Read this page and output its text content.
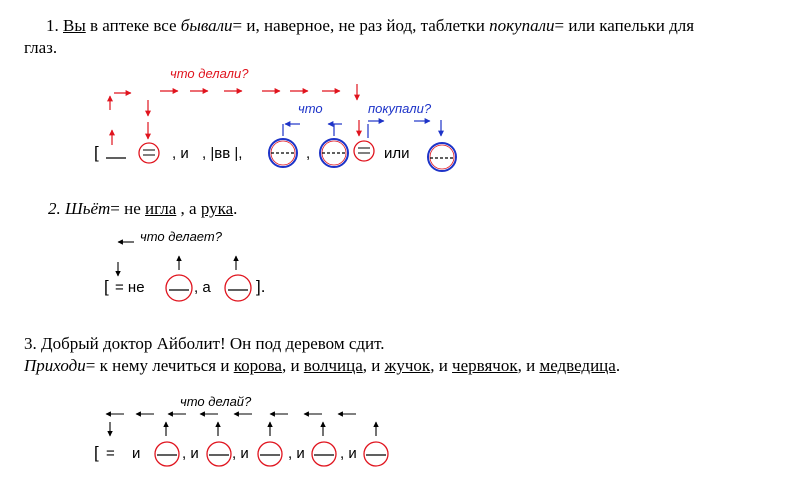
1. Вы в аптеке все бывали= и, наверное, не раз йод, таблетки покупали= или капельки для
глаз.
что делали?
что	покупали?
[	, и , |вв |,	,	или
2. Шьёт= не игла , а рука.
что делает?
[ = не	, а	].
3. Добрый доктор Айболит! Он под деревом сдит.
Приходи= к нему лечиться и корова, и волчица, и жучок, и червячок, и медведица.
что делай?
[ = и	, и , и	, и , и
